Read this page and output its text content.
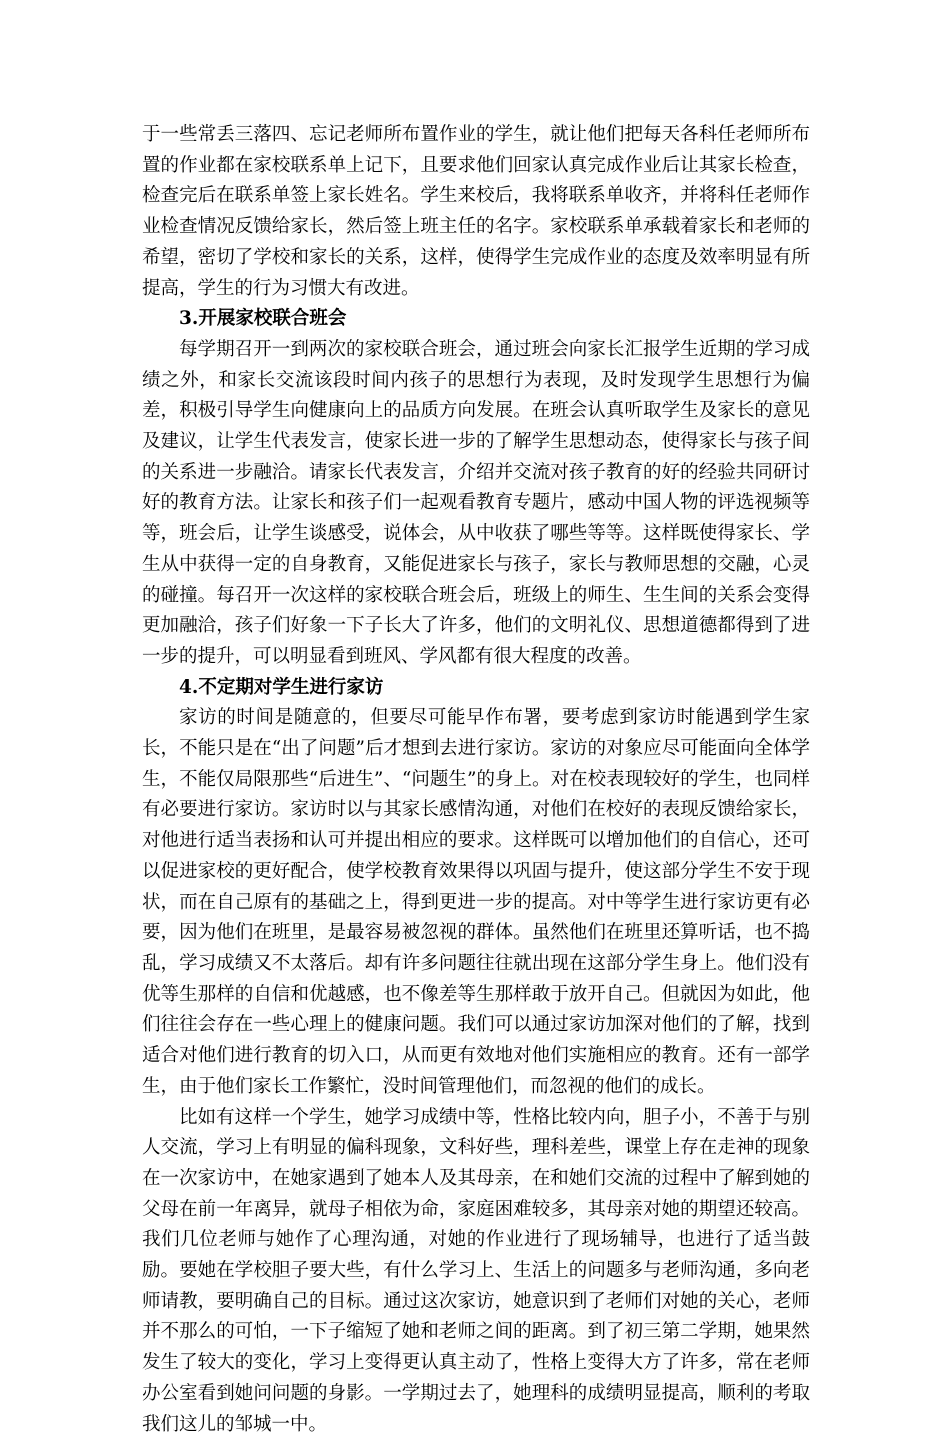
于一些常丢三落四、忘记老师所布置作业的学生，就让他们把每天各科任老师所布置的作业都在家校联系单上记下，且要求他们回家认真完成作业后让其家长检查，检查完后在联系单签上家长姓名。学生来校后，我将联系单收齐，并将科任老师作业检查情况反馈给家长，然后签上班主任的名字。家校联系单承载着家长和老师的希望，密切了学校和家长的关系，这样，使得学生完成作业的态度及效率明显有所提高，学生的行为习惯大有改进。

3.开展家校联合班会

每学期召开一到两次的家校联合班会，通过班会向家长汇报学生近期的学习成绩之外，和家长交流该段时间内孩子的思想行为表现，及时发现学生思想行为偏差，积极引导学生向健康向上的品质方向发展。在班会认真听取学生及家长的意见及建议，让学生代表发言，使家长进一步的了解学生思想动态，使得家长与孩子间的关系进一步融洽。请家长代表发言，介绍并交流对孩子教育的好的经验共同研讨好的教育方法。让家长和孩子们一起观看教育专题片，感动中国人物的评选视频等等，班会后，让学生谈感受，说体会，从中收获了哪些等等。这样既使得家长、学生从中获得一定的自身教育，又能促进家长与孩子，家长与教师思想的交融，心灵的碰撞。每召开一次这样的家校联合班会后，班级上的师生、生生间的关系会变得更加融洽，孩子们好象一下子长大了许多，他们的文明礼仪、思想道德都得到了进一步的提升，可以明显看到班风、学风都有很大程度的改善。

4.不定期对学生进行家访

家访的时间是随意的，但要尽可能早作布署，要考虑到家访时能遇到学生家长，不能只是在“出了问题”后才想到去进行家访。家访的对象应尽可能面向全体学生，不能仅局限那些“后进生”、“问题生”的身上。对在校表现较好的学生，也同样有必要进行家访。家访时以与其家长感情沟通，对他们在校好的表现反馈给家长，对他进行适当表扬和认可并提出相应的要求。这样既可以增加他们的自信心，还可以促进家校的更好配合，使学校教育效果得以巩固与提升，使这部分学生不安于现状，而在自己原有的基础之上，得到更进一步的提高。对中等学生进行家访更有必要，因为他们在班里，是最容易被忽视的群体。虽然他们在班里还算听话，也不捣乱，学习成绩又不太落后。却有许多问题往往就出现在这部分学生身上。他们没有优等生那样的自信和优越感，也不像差等生那样敢于放开自己。但就因为如此，他们往往会存在一些心理上的健康问题。我们可以通过家访加深对他们的了解，找到适合对他们进行教育的切入口，从而更有效地对他们实施相应的教育。还有一部学生，由于他们家长工作繁忙，没时间管理他们，而忽视的他们的成长。

比如有这样一个学生，她学习成绩中等，性格比较内向，胆子小，不善于与别人交流，学习上有明显的偏科现象，文科好些，理科差些，课堂上存在走神的现象在一次家访中，在她家遇到了她本人及其母亲，在和她们交流的过程中了解到她的父母在前一年离异，就母子相依为命，家庭困难较多，其母亲对她的期望还较高。我们几位老师与她作了心理沟通，对她的作业进行了现场辅导，也进行了适当鼓励。要她在学校胆子要大些，有什么学习上、生活上的问题多与老师沟通，多向老师请教，要明确自己的目标。通过这次家访，她意识到了老师们对她的关心，老师并不那么的可怕，一下子缩短了她和老师之间的距离。到了初三第二学期，她果然发生了较大的变化，学习上变得更认真主动了，性格上变得大方了许多，常在老师办公室看到她问问题的身影。一学期过去了，她理科的成绩明显提高，顺利的考取我们这儿的邹城一中。
